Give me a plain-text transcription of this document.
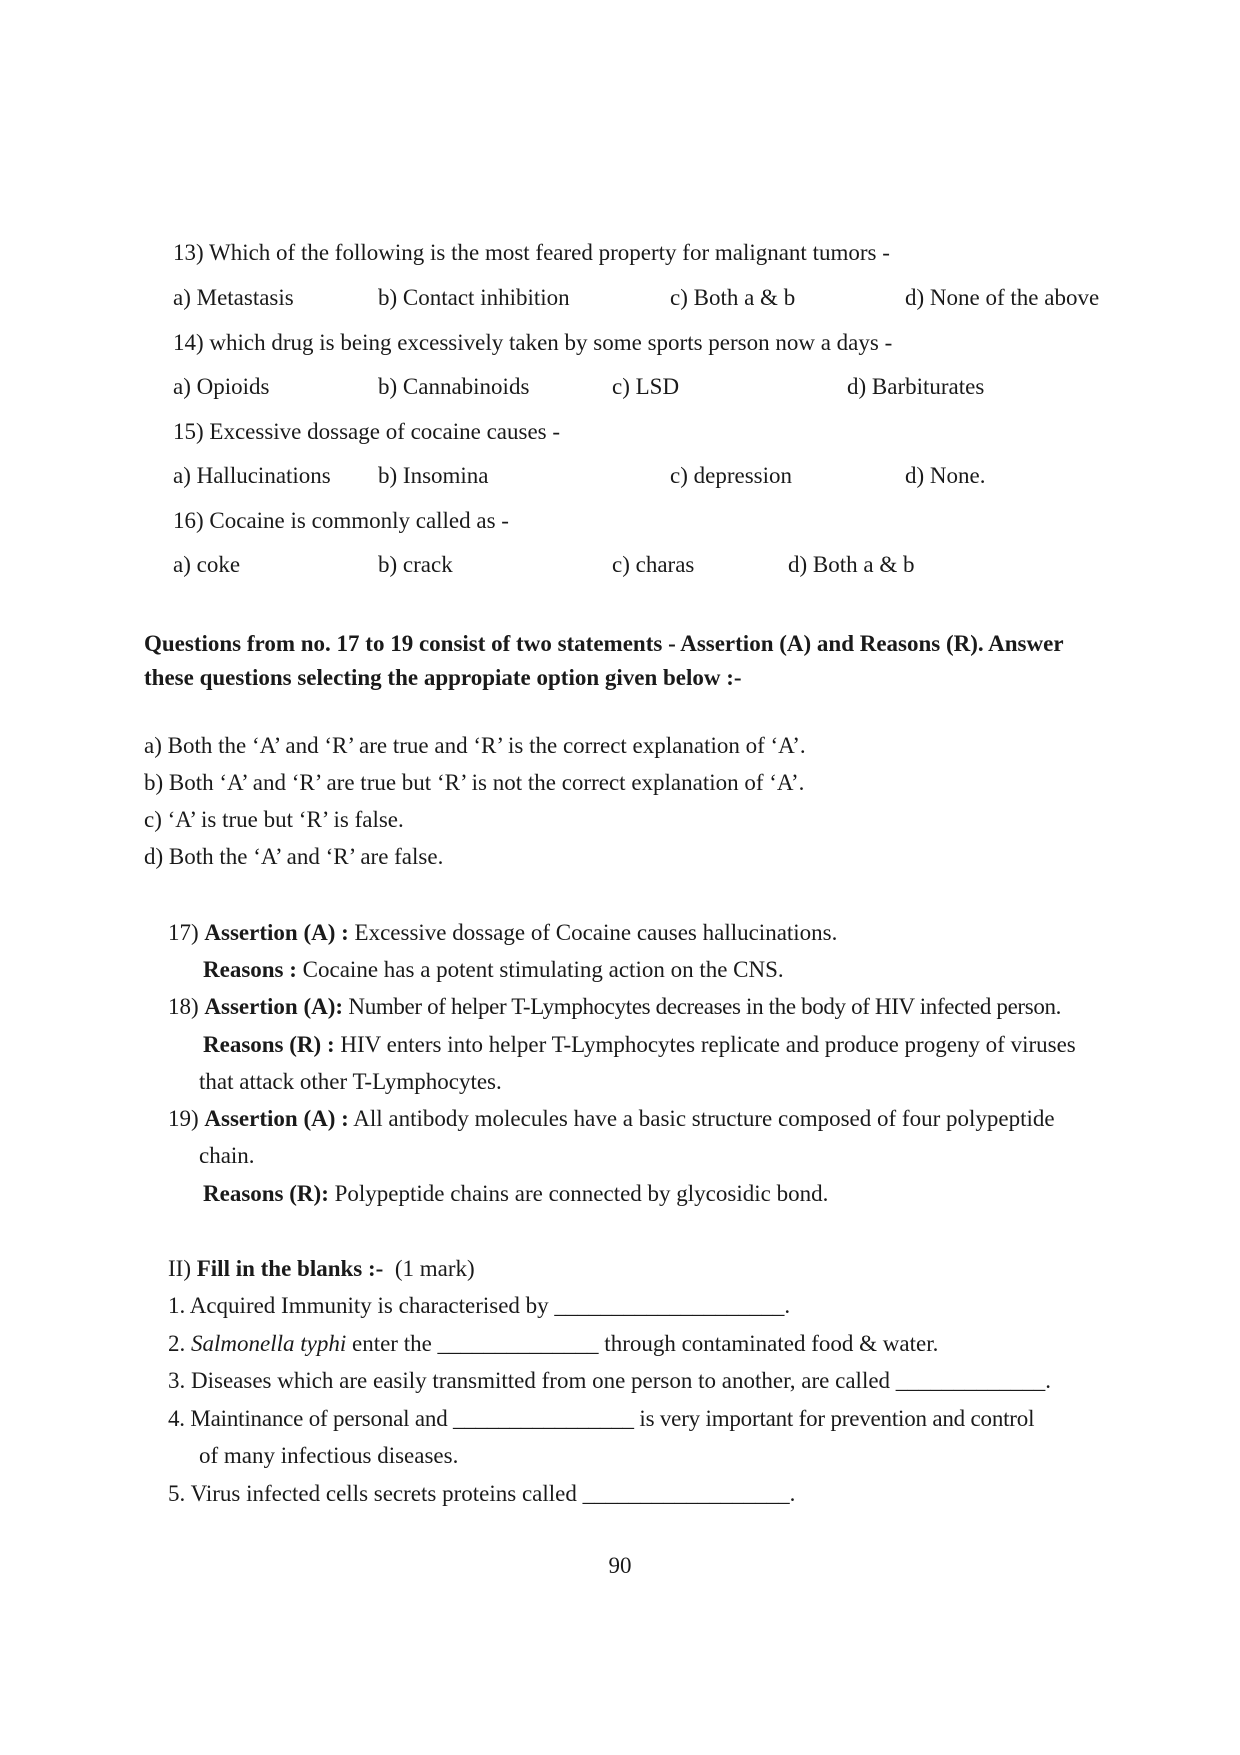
13) Which of the following is the most feared property for malignant tumors -
a) Metastasis	b) Contact inhibition	c) Both a & b	d) None of the above
14) which drug is being excessively taken by some sports person now a days -
a) Opioids	b) Cannabinoids	c) LSD	d) Barbiturates
15) Excessive dossage of cocaine causes -
a) Hallucinations b) Insomina	c) depression	d) None.
16) Cocaine is commonly called as -
a) coke	b) crack	c) charas	d) Both a & b
Questions from no. 17 to 19 consist of two statements - Assertion (A) and Reasons (R). Answer
these questions selecting the appropiate option given below :-
a) Both the ‘A’ and ‘R’ are true and ‘R’ is the correct explanation of ‘A’.
b) Both ‘A’ and ‘R’ are true but ‘R’ is not the correct explanation of ‘A’.
c) ‘A’ is true but ‘R’ is false.
d) Both the ‘A’ and ‘R’ are false.
17) Assertion (A) : Excessive dossage of Cocaine causes hallucinations.
Reasons : Cocaine has a potent stimulating action on the CNS.
18) Assertion (A): Number of helper T-Lymphocytes decreases in the body of HIV infected person.
Reasons (R) : HIV enters into helper T-Lymphocytes replicate and produce progeny of viruses
that attack other T-Lymphocytes.
19) Assertion (A) : All antibody molecules have a basic structure composed of four polypeptide
chain.
Reasons (R): Polypeptide chains are connected by glycosidic bond.
II) Fill in the blanks :-  (1 mark)
1. Acquired Immunity is characterised by ____________________.
2. Salmonella typhi enter the ______________ through contaminated food & water.
3. Diseases which are easily transmitted from one person to another, are called _____________.
4. Maintinance of personal and ________________ is very important for prevention and control
of many infectious diseases.
5. Virus infected cells secrets proteins called __________________.
90
